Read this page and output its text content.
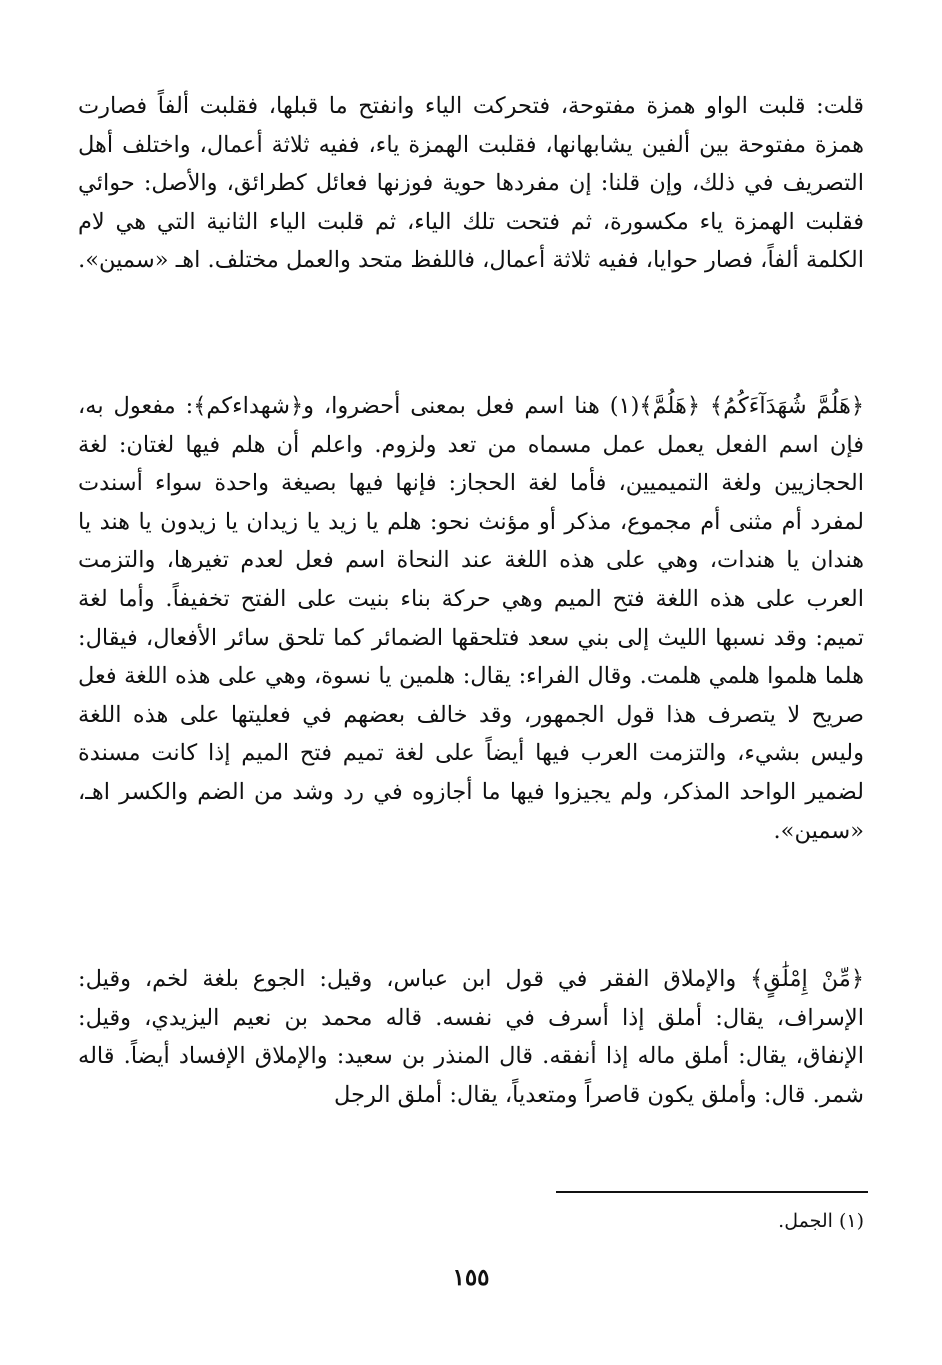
قلت: قلبت الواو همزة مفتوحة، فتحركت الياء وانفتح ما قبلها، فقلبت ألفاً فصارت همزة مفتوحة بين ألفين يشابهانها، فقلبت الهمزة ياء، ففيه ثلاثة أعمال، واختلف أهل التصريف في ذلك، وإن قلنا: إن مفردها حوية فوزنها فعائل كطرائق، والأصل: حوائي فقلبت الهمزة ياء مكسورة، ثم فتحت تلك الياء، ثم قلبت الياء الثانية التي هي لام الكلمة ألفاً، فصار حوايا، ففيه ثلاثة أعمال، فاللفظ متحد والعمل مختلف. اهـ «سمين».

﴿هَلُمَّ شُهَدَآءَكُمُ﴾ ﴿هَلُمَّ﴾(١) هنا اسم فعل بمعنى أحضروا، و﴿شهداءكم﴾: مفعول به، فإن اسم الفعل يعمل عمل مسماه من تعد ولزوم. واعلم أن هلم فيها لغتان: لغة الحجازيين ولغة التميميين، فأما لغة الحجاز: فإنها فيها بصيغة واحدة سواء أسندت لمفرد أم مثنى أم مجموع، مذكر أو مؤنث نحو: هلم يا زيد يا زيدان يا زيدون يا هند يا هندان يا هندات، وهي على هذه اللغة عند النحاة اسم فعل لعدم تغيرها، والتزمت العرب على هذه اللغة فتح الميم وهي حركة بناء بنيت على الفتح تخفيفاً. وأما لغة تميم: وقد نسبها الليث إلى بني سعد فتلحقها الضمائر كما تلحق سائر الأفعال، فيقال: هلما هلموا هلمي هلمت. وقال الفراء: يقال: هلمين يا نسوة، وهي على هذه اللغة فعل صريح لا يتصرف هذا قول الجمهور، وقد خالف بعضهم في فعليتها على هذه اللغة وليس بشيء، والتزمت العرب فيها أيضاً على لغة تميم فتح الميم إذا كانت مسندة لضمير الواحد المذكر، ولم يجيزوا فيها ما أجازوه في رد وشد من الضم والكسر اهـ، «سمين».

﴿مِّنْ إِمْلَٰقٍ﴾ والإملاق الفقر في قول ابن عباس، وقيل: الجوع بلغة لخم، وقيل: الإسراف، يقال: أملق إذا أسرف في نفسه. قاله محمد بن نعيم اليزيدي، وقيل: الإنفاق، يقال: أملق ماله إذا أنفقه. قال المنذر بن سعيد: والإملاق الإفساد أيضاً. قاله شمر. قال: وأملق يكون قاصراً ومتعدياً، يقال: أملق الرجل

(١) الجمل.

١٥٥
